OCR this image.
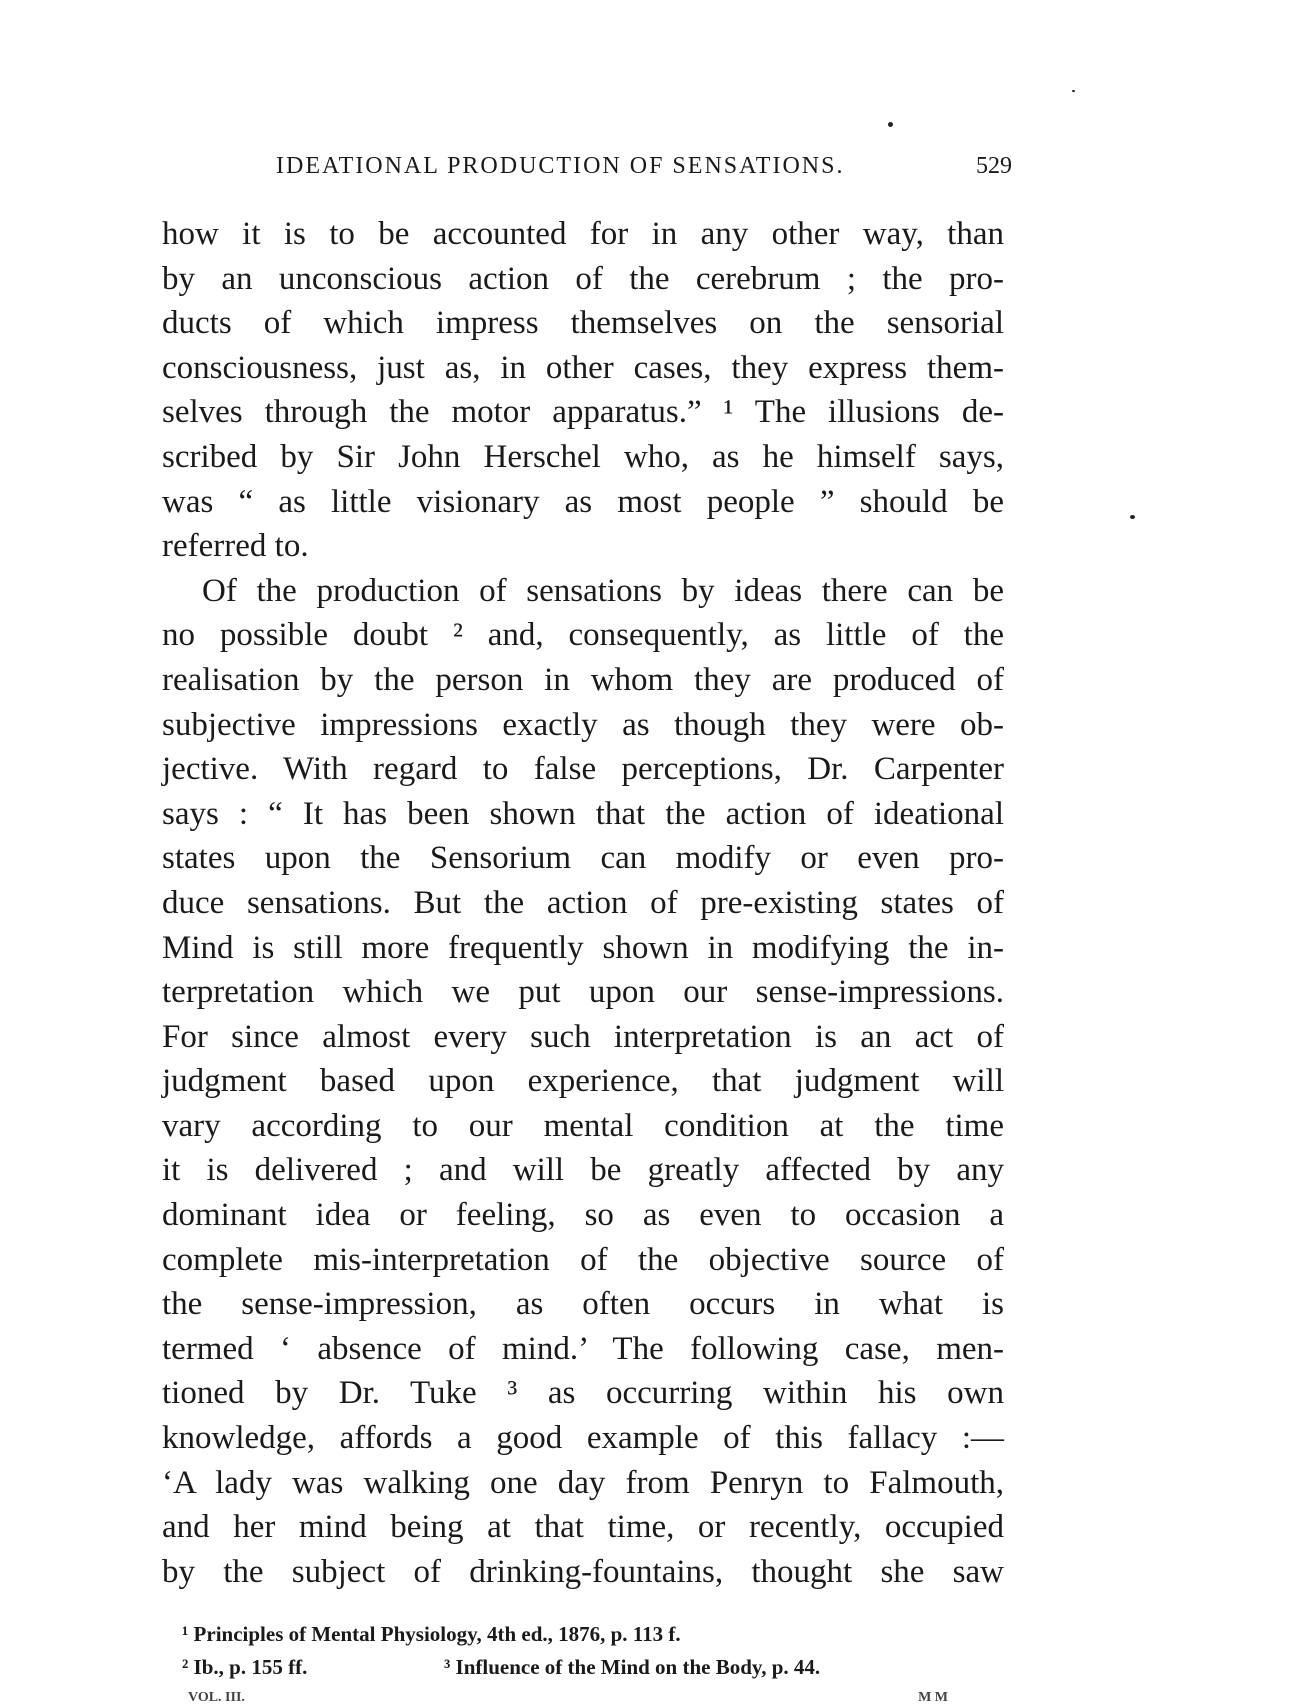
IDEATIONAL PRODUCTION OF SENSATIONS.	529
how it is to be accounted for in any other way, than
by an unconscious action of the cerebrum ; the pro-
ducts of which impress themselves on the sensorial
consciousness, just as, in other cases, they express them-
selves through the motor apparatus.” ¹ The illusions de-
scribed by Sir John Herschel who, as he himself says,
was “ as little visionary as most people ” should be
referred to.
Of the production of sensations by ideas there can be
no possible doubt ² and, consequently, as little of the
realisation by the person in whom they are produced of
subjective impressions exactly as though they were ob-
jective. With regard to false perceptions, Dr. Carpenter
says : “ It has been shown that the action of ideational
states upon the Sensorium can modify or even pro-
duce sensations. But the action of pre-existing states of
Mind is still more frequently shown in modifying the in-
terpretation which we put upon our sense-impressions.
For since almost every such interpretation is an act of
judgment based upon experience, that judgment will
vary according to our mental condition at the time
it is delivered ; and will be greatly affected by any
dominant idea or feeling, so as even to occasion a
complete mis-interpretation of the objective source of
the sense-impression, as often occurs in what is
termed ‘ absence of mind.’ The following case, men-
tioned by Dr. Tuke ³ as occurring within his own
knowledge, affords a good example of this fallacy :—
‘A lady was walking one day from Penryn to Falmouth,
and her mind being at that time, or recently, occupied
by the subject of drinking-fountains, thought she saw
¹ Principles of Mental Physiology, 4th ed., 1876, p. 113 f.
² Ib., p. 155 ff.	³ Influence of the Mind on the Body, p. 44.
VOL. III.	M M
